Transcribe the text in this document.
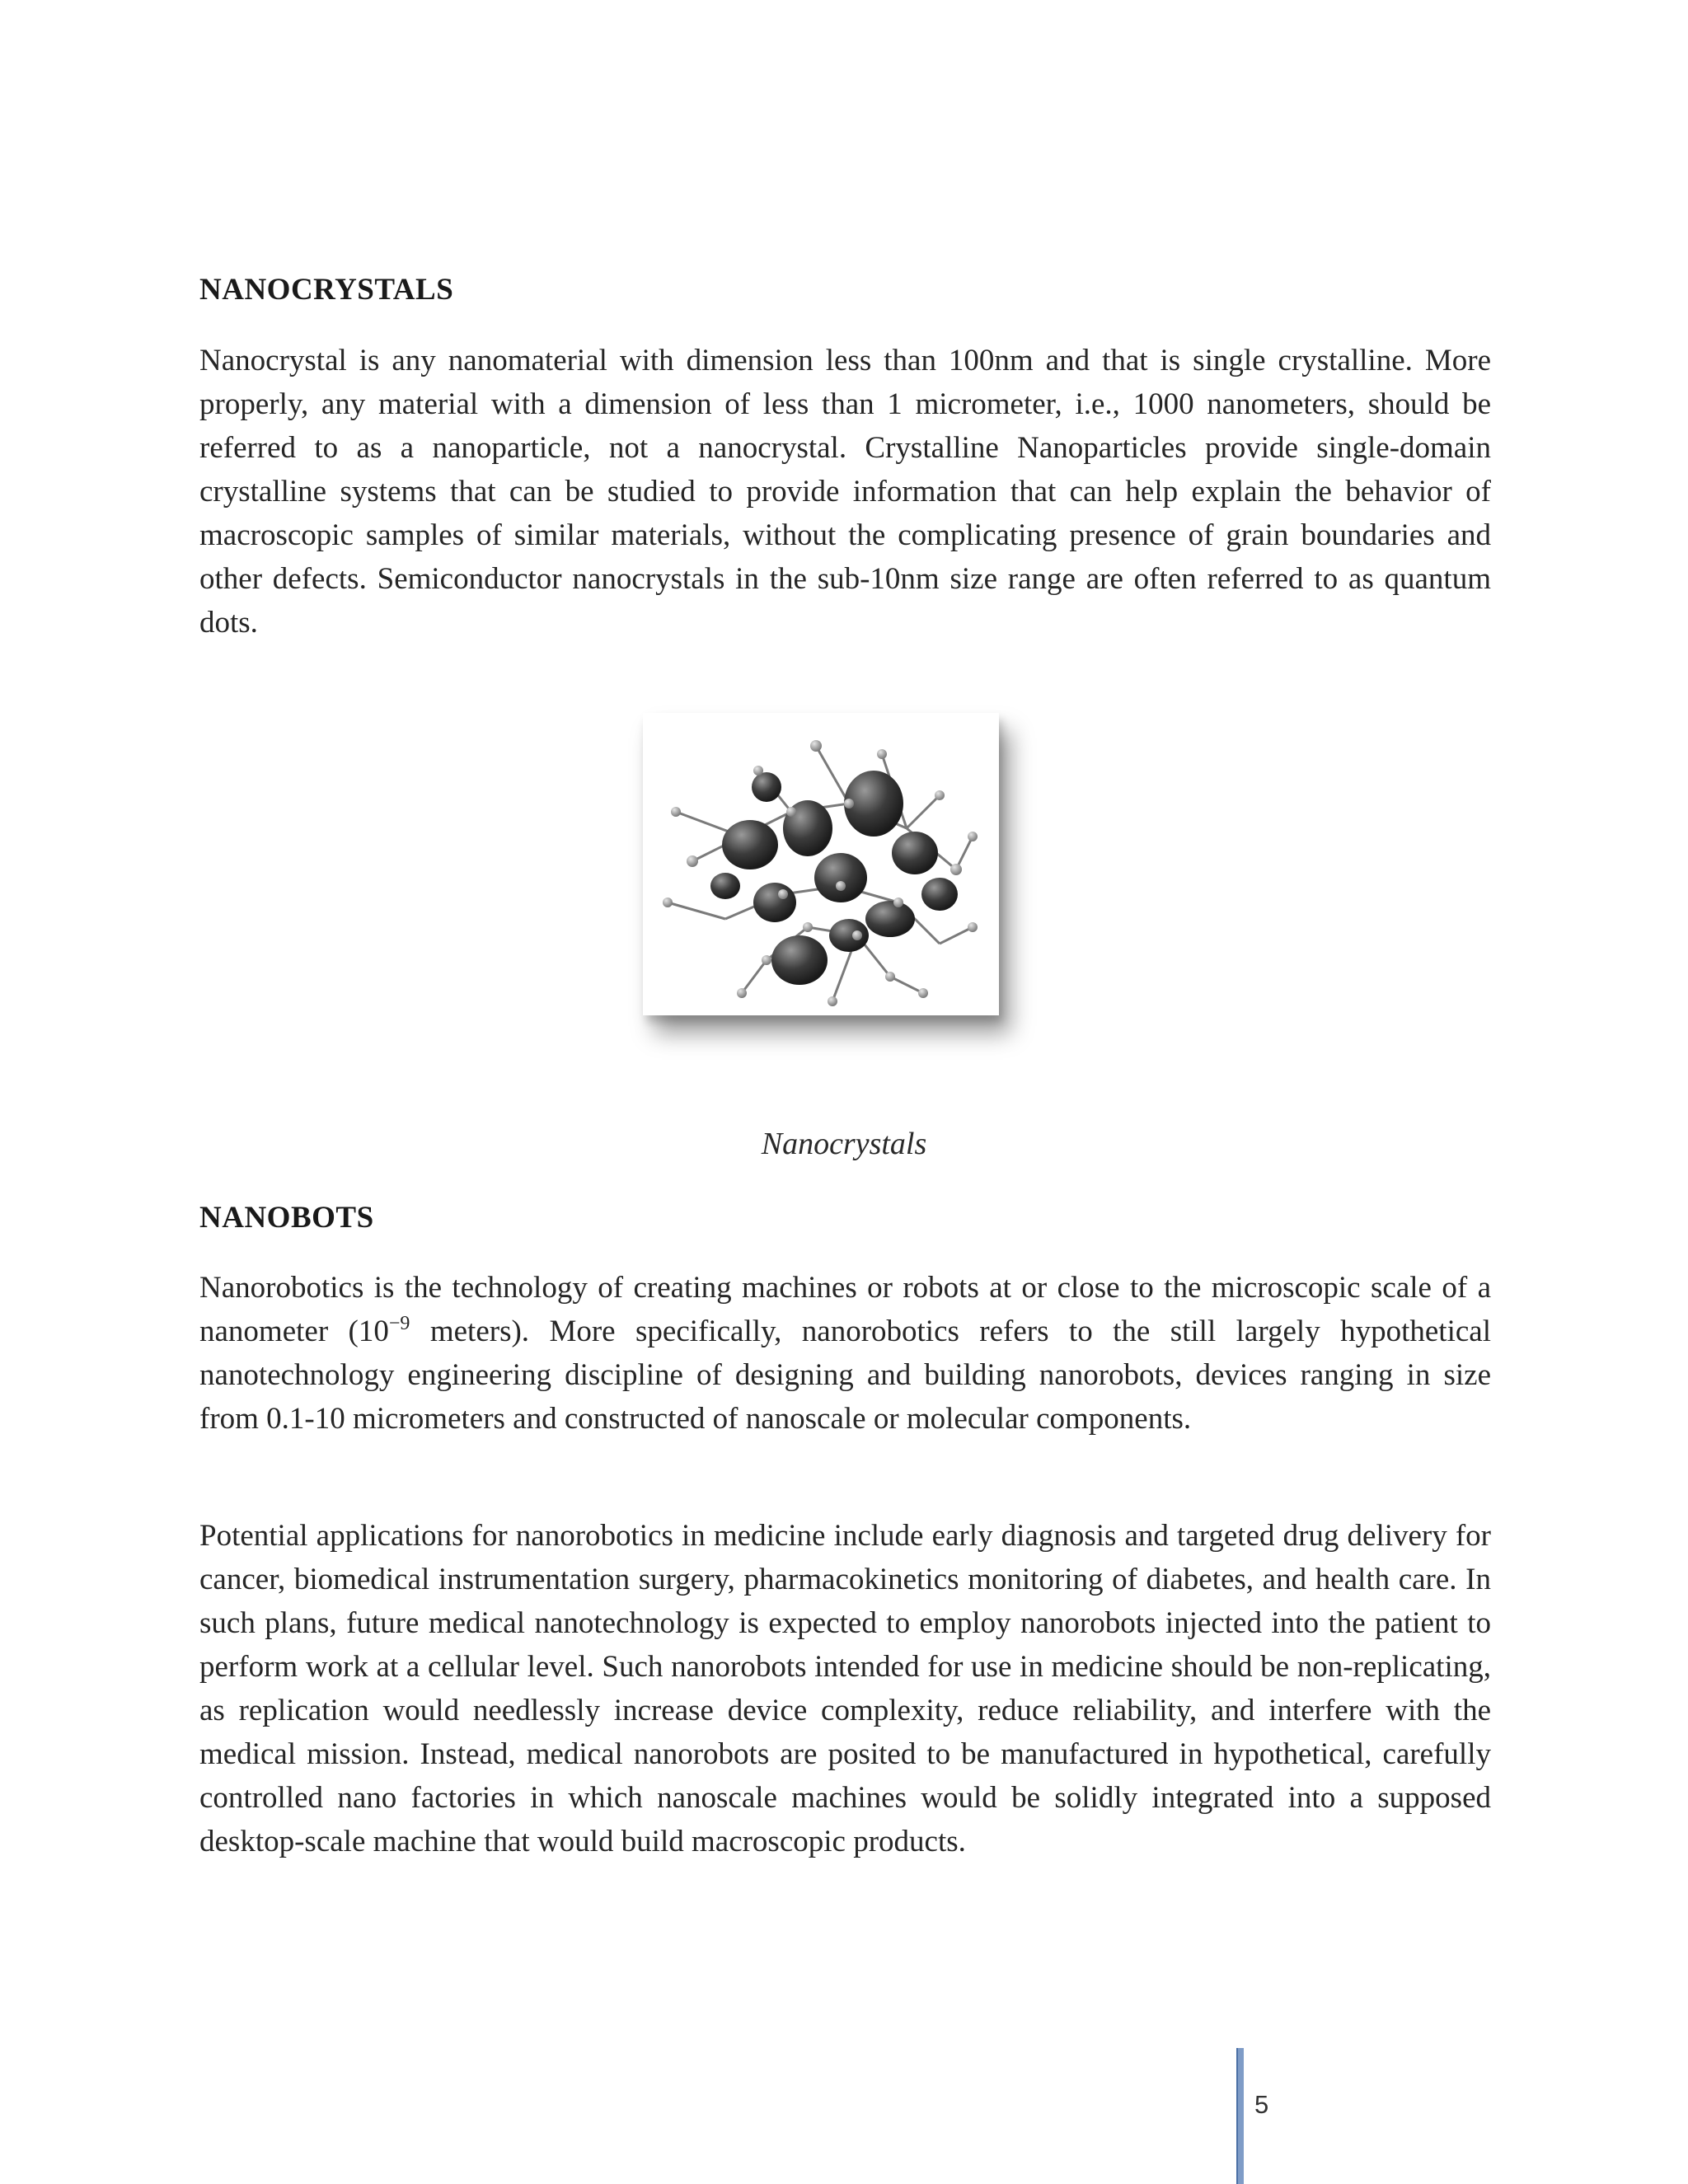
NANOCRYSTALS
Nanocrystal is any nanomaterial with dimension less than 100nm and that is single crystalline. More properly, any material with a dimension of less than 1 micrometer, i.e., 1000 nanometers, should be referred to as a nanoparticle, not a nanocrystal. Crystalline Nanoparticles provide single-domain crystalline systems that can be studied to provide information that can help explain the behavior of macroscopic samples of similar materials, without the complicating presence of grain boundaries and other defects. Semiconductor nanocrystals in the sub-10nm size range are often referred to as quantum dots.
Nanocrystals
NANOBOTS
Nanorobotics is the technology of creating machines or robots at or close to the microscopic scale of a nanometer ($10^{-9}$ meters). More specifically, nanorobotics refers to the still largely hypothetical nanotechnology engineering discipline of designing and building nanorobots, devices ranging in size from 0.1-10 micrometers and constructed of nanoscale or molecular components.
Potential applications for nanorobotics in medicine include early diagnosis and targeted drug delivery for cancer, biomedical instrumentation surgery, pharmacokinetics monitoring of diabetes, and health care. In such plans, future medical nanotechnology is expected to employ nanorobots injected into the patient to perform work at a cellular level. Such nanorobots intended for use in medicine should be non-replicating, as replication would needlessly increase device complexity, reduce reliability, and interfere with the medical mission. Instead, medical nanorobots are posited to be manufactured in hypothetical, carefully controlled nano factories in which nanoscale machines would be solidly integrated into a supposed desktop-scale machine that would build macroscopic products.
5
